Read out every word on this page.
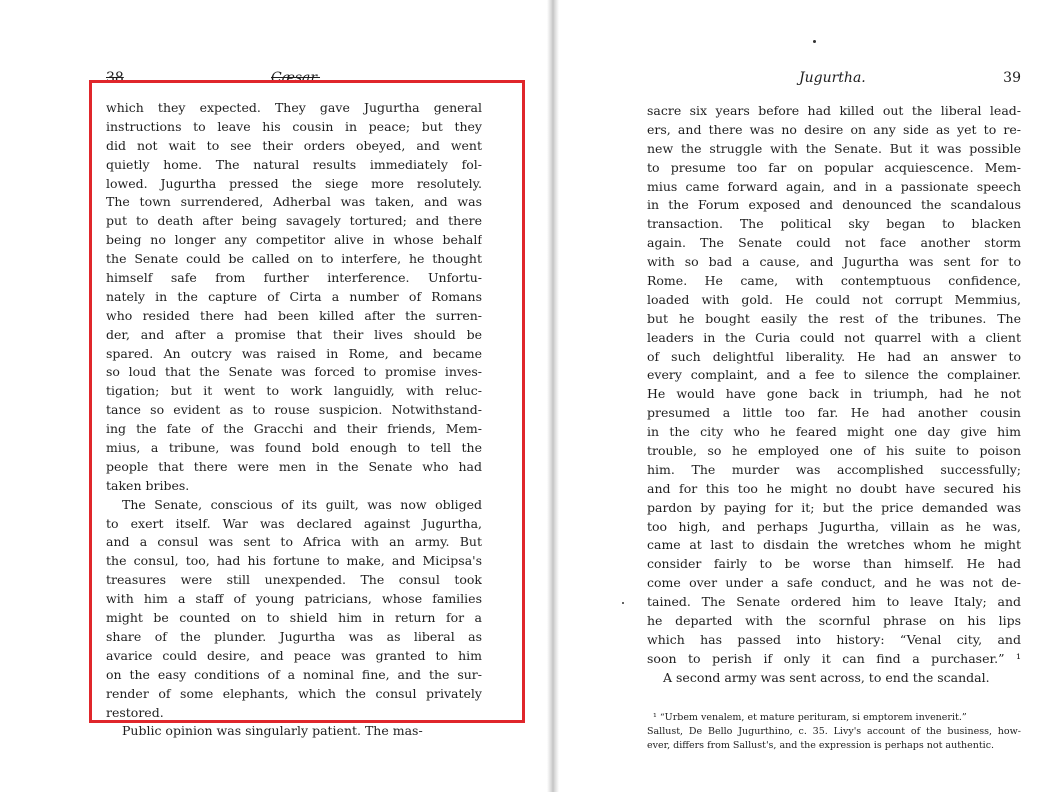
38	Cæsar.
which they expected. They gave Jugurtha general
instructions to leave his cousin in peace; but they
did not wait to see their orders obeyed, and went
quietly home. The natural results immediately fol-
lowed. Jugurtha pressed the siege more resolutely.
The town surrendered, Adherbal was taken, and was
put to death after being savagely tortured; and there
being no longer any competitor alive in whose behalf
the Senate could be called on to interfere, he thought
himself safe from further interference. Unfortu-
nately in the capture of Cirta a number of Romans
who resided there had been killed after the surren-
der, and after a promise that their lives should be
spared. An outcry was raised in Rome, and became
so loud that the Senate was forced to promise inves-
tigation; but it went to work languidly, with reluc-
tance so evident as to rouse suspicion. Notwithstand-
ing the fate of the Gracchi and their friends, Mem-
mius, a tribune, was found bold enough to tell the
people that there were men in the Senate who had
taken bribes.
The Senate, conscious of its guilt, was now obliged
to exert itself. War was declared against Jugurtha,
and a consul was sent to Africa with an army. But
the consul, too, had his fortune to make, and Micipsa's
treasures were still unexpended. The consul took
with him a staff of young patricians, whose families
might be counted on to shield him in return for a
share of the plunder. Jugurtha was as liberal as
avarice could desire, and peace was granted to him
on the easy conditions of a nominal fine, and the sur-
render of some elephants, which the consul privately
restored.
Public opinion was singularly patient. The mas-
Jugurtha.	39
sacre six years before had killed out the liberal lead-
ers, and there was no desire on any side as yet to re-
new the struggle with the Senate. But it was possible
to presume too far on popular acquiescence. Mem-
mius came forward again, and in a passionate speech
in the Forum exposed and denounced the scandalous
transaction. The political sky began to blacken
again. The Senate could not face another storm
with so bad a cause, and Jugurtha was sent for to
Rome. He came, with contemptuous confidence,
loaded with gold. He could not corrupt Memmius,
but he bought easily the rest of the tribunes. The
leaders in the Curia could not quarrel with a client
of such delightful liberality. He had an answer to
every complaint, and a fee to silence the complainer.
He would have gone back in triumph, had he not
presumed a little too far. He had another cousin
in the city who he feared might one day give him
trouble, so he employed one of his suite to poison
him. The murder was accomplished successfully;
and for this too he might no doubt have secured his
pardon by paying for it; but the price demanded was
too high, and perhaps Jugurtha, villain as he was,
came at last to disdain the wretches whom he might
consider fairly to be worse than himself. He had
come over under a safe conduct, and he was not de-
tained. The Senate ordered him to leave Italy; and
he departed with the scornful phrase on his lips
which has passed into history: “Venal city, and
soon to perish if only it can find a purchaser.” ¹
A second army was sent across, to end the scandal.
¹ “Urbem venalem, et mature perituram, si emptorem invenerit.”
Sallust, De Bello Jugurthino, c. 35. Livy's account of the business, how-
ever, differs from Sallust's, and the expression is perhaps not authentic.
